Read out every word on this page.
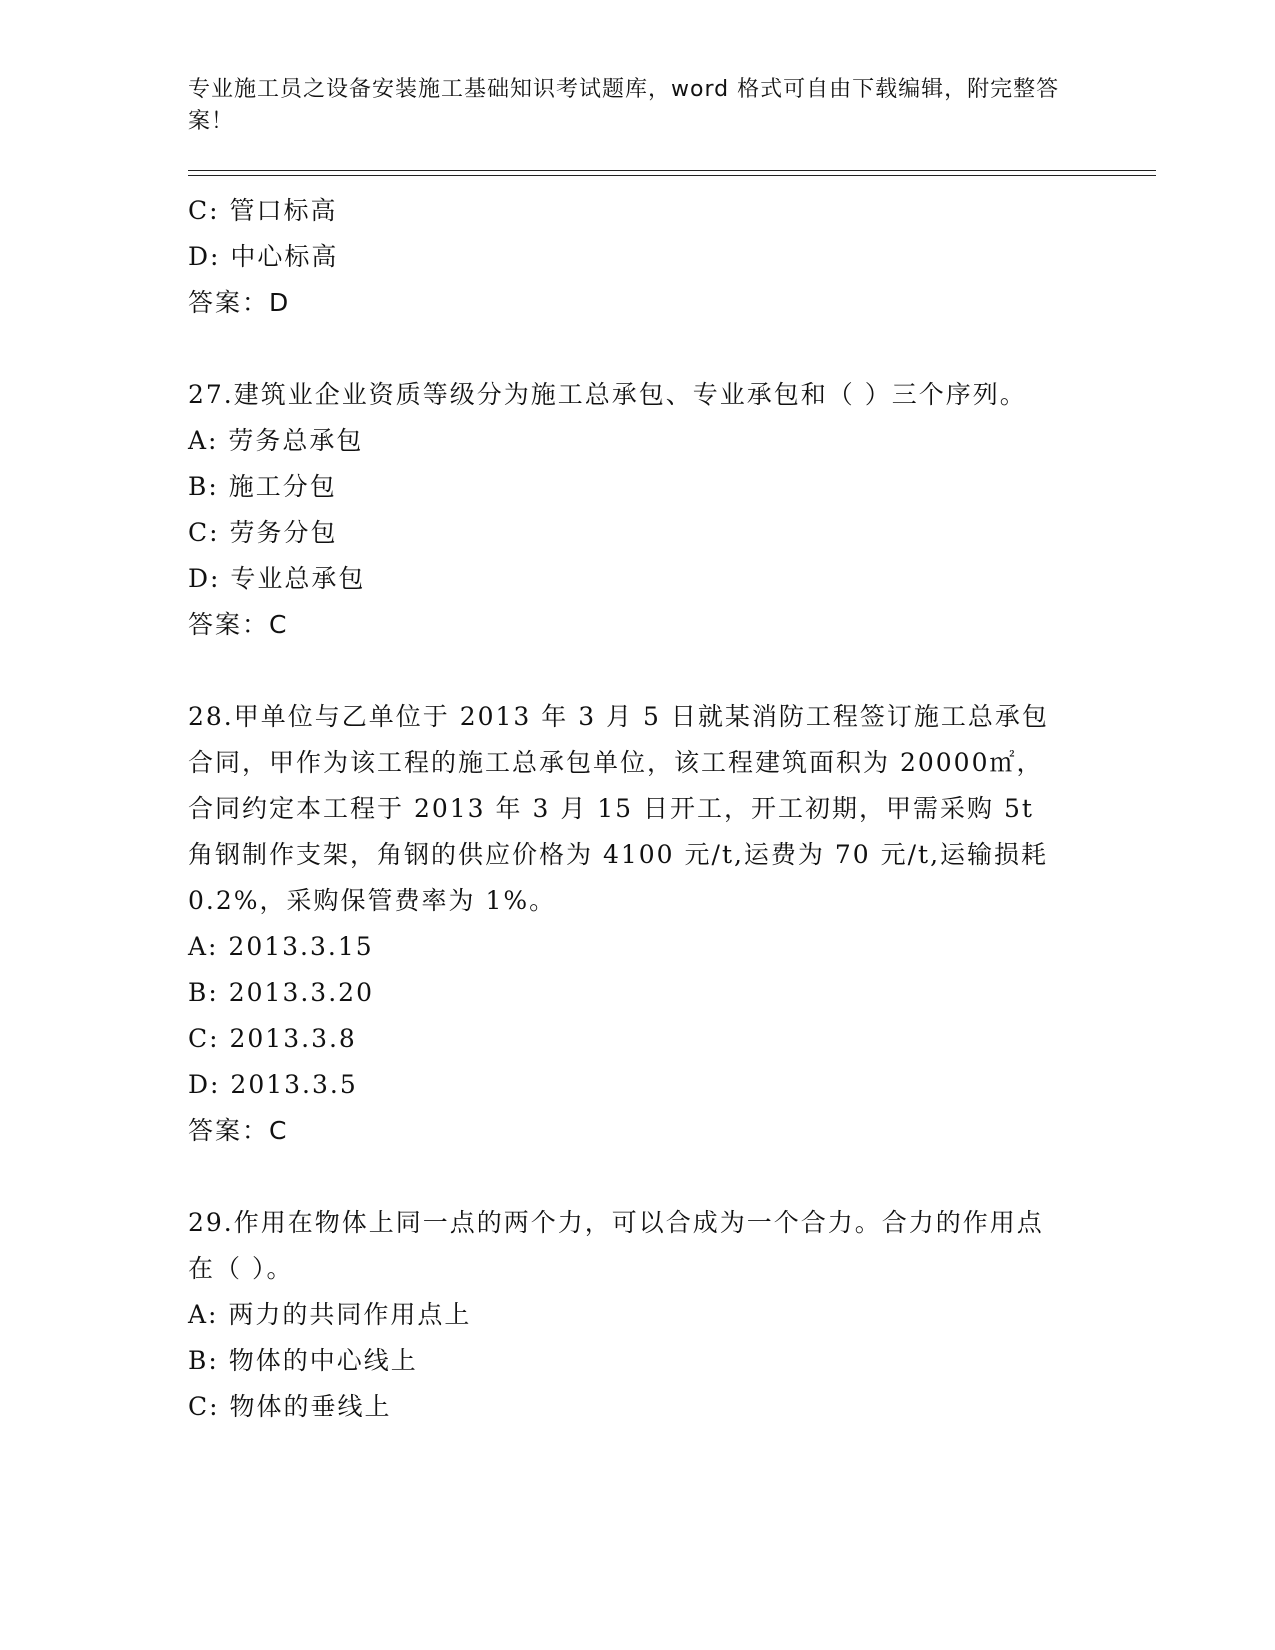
专业施工员之设备安装施工基础知识考试题库，word 格式可自由下载编辑，附完整答案！
C: 管口标高
D: 中心标高
答案：D
27.建筑业企业资质等级分为施工总承包、专业承包和（ ）三个序列。
A: 劳务总承包
B: 施工分包
C: 劳务分包
D: 专业总承包
答案：C
28.甲单位与乙单位于 2013 年 3 月 5 日就某消防工程签订施工总承包合同，甲作为该工程的施工总承包单位，该工程建筑面积为 20000㎡，合同约定本工程于 2013 年 3 月 15 日开工，开工初期，甲需采购 5t 角钢制作支架，角钢的供应价格为 4100 元/t,运费为 70 元/t,运输损耗 0.2%，采购保管费率为 1%。
A: 2013.3.15
B: 2013.3.20
C: 2013.3.8
D: 2013.3.5
答案：C
29.作用在物体上同一点的两个力，可以合成为一个合力。合力的作用点在（ ）。
A: 两力的共同作用点上
B: 物体的中心线上
C: 物体的垂线上
